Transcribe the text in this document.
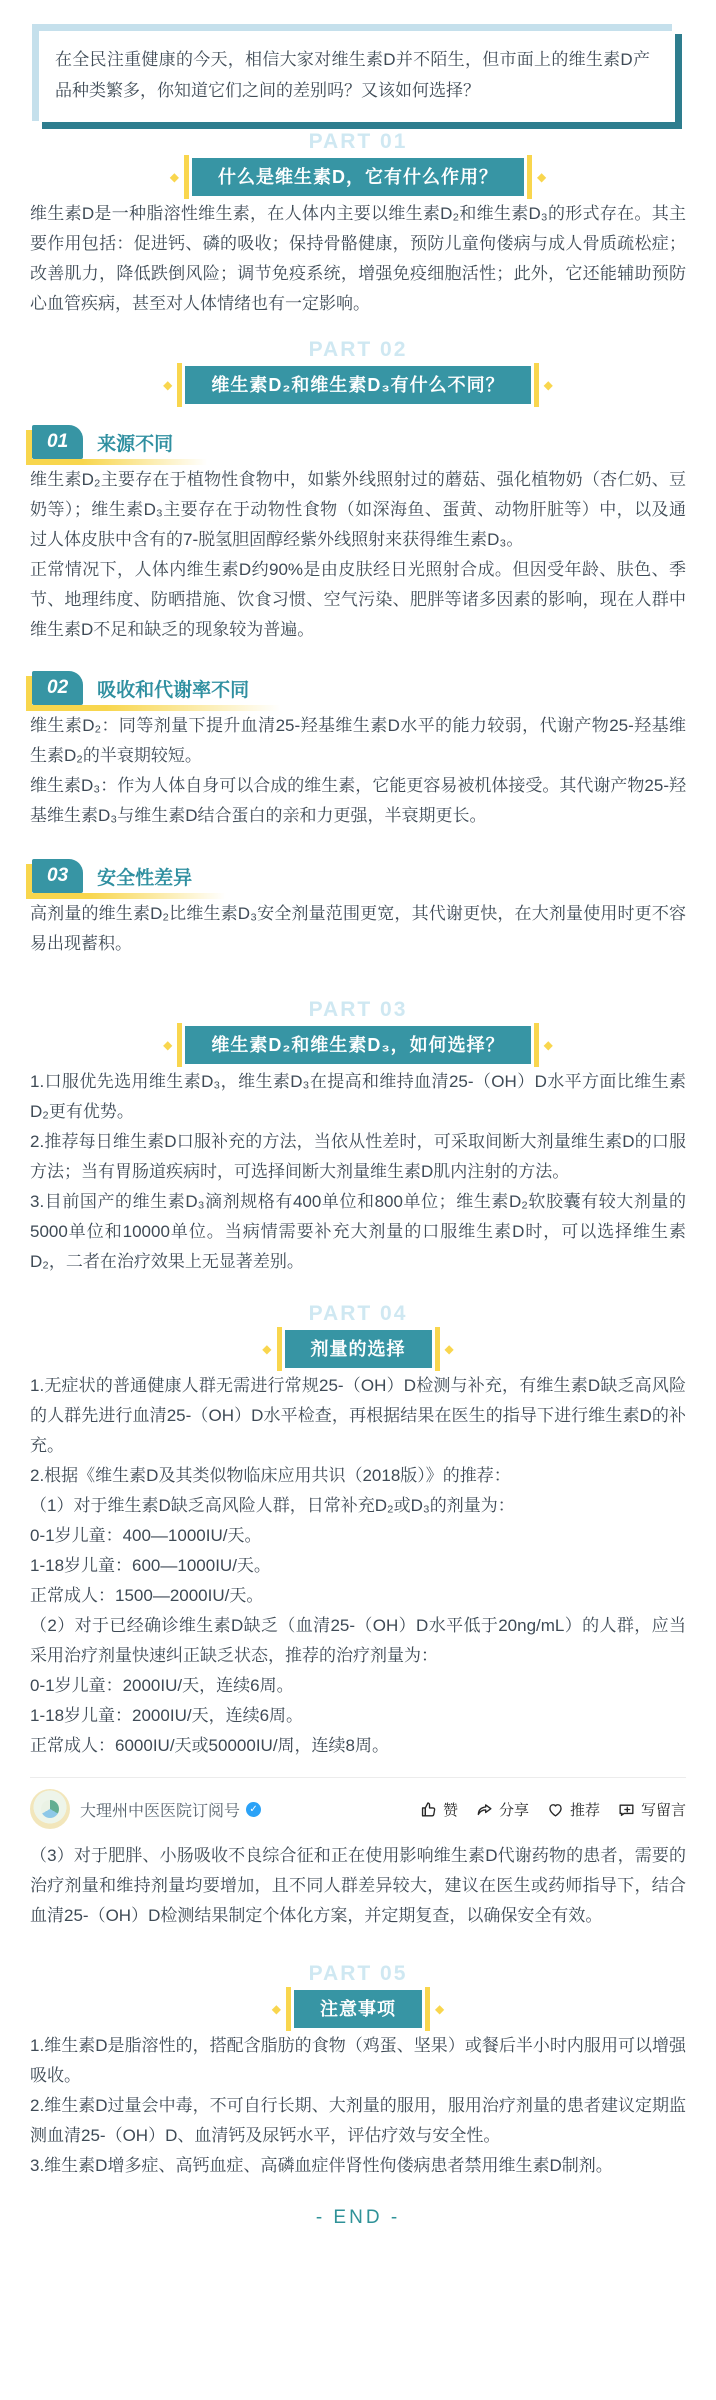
在全民注重健康的今天，相信大家对维生素D并不陌生，但市面上的维生素D产品种类繁多，你知道它们之间的差别吗？又该如何选择？

PART 01
◆	什么是维生素D，它有什么作用？	◆

维生素D是一种脂溶性维生素，在人体内主要以维生素D₂和维生素D₃的形式存在。其主要作用包括：促进钙、磷的吸收；保持骨骼健康，预防儿童佝偻病与成人骨质疏松症；改善肌力，降低跌倒风险；调节免疫系统，增强免疫细胞活性；此外，它还能辅助预防心血管疾病，甚至对人体情绪也有一定影响。

PART 02
◆	维生素D₂和维生素D₃有什么不同？	◆
01	来源不同

维生素D₂主要存在于植物性食物中，如紫外线照射过的蘑菇、强化植物奶（杏仁奶、豆奶等）；维生素D₃主要存在于动物性食物（如深海鱼、蛋黄、动物肝脏等）中，以及通过人体皮肤中含有的7-脱氢胆固醇经紫外线照射来获得维生素D₃。

正常情况下，人体内维生素D约90%是由皮肤经日光照射合成。但因受年龄、肤色、季节、地理纬度、防晒措施、饮食习惯、空气污染、肥胖等诸多因素的影响，现在人群中维生素D不足和缺乏的现象较为普遍。

02	吸收和代谢率不同

维生素D₂：同等剂量下提升血清25-羟基维生素D水平的能力较弱，代谢产物25-羟基维生素D₂的半衰期较短。

维生素D₃：作为人体自身可以合成的维生素，它能更容易被机体接受。其代谢产物25-羟基维生素D₃与维生素D结合蛋白的亲和力更强，半衰期更长。

03	安全性差异

高剂量的维生素D₂比维生素D₃安全剂量范围更宽，其代谢更快，在大剂量使用时更不容易出现蓄积。

PART 03
◆	维生素D₂和维生素D₃，如何选择？	◆

1.口服优先选用维生素D₃，维生素D₃在提高和维持血清25-（OH）D水平方面比维生素D₂更有优势。

2.推荐每日维生素D口服补充的方法，当依从性差时，可采取间断大剂量维生素D的口服方法；当有胃肠道疾病时，可选择间断大剂量维生素D肌内注射的方法。

3.目前国产的维生素D₃滴剂规格有400单位和800单位；维生素D₂软胶囊有较大剂量的5000单位和10000单位。当病情需要补充大剂量的口服维生素D时，可以选择维生素D₂，二者在治疗效果上无显著差别。

PART 04
◆	剂量的选择	◆

1.无症状的普通健康人群无需进行常规25-（OH）D检测与补充，有维生素D缺乏高风险的人群先进行血清25-（OH）D水平检查，再根据结果在医生的指导下进行维生素D的补充。

2.根据《维生素D及其类似物临床应用共识（2018版）》的推荐：

（1）对于维生素D缺乏高风险人群，日常补充D₂或D₃的剂量为：

0-1岁儿童：400—1000IU/天。

1-18岁儿童：600—1000IU/天。

正常成人：1500—2000IU/天。

（2）对于已经确诊维生素D缺乏（血清25-（OH）D水平低于20ng/mL）的人群，应当采用治疗剂量快速纠正缺乏状态，推荐的治疗剂量为：

0-1岁儿童：2000IU/天，连续6周。

1-18岁儿童：2000IU/天，连续6周。

正常成人：6000IU/天或50000IU/周，连续8周。

大理州中医医院订阅号 ✓	赞	分享	推荐	写留言

（3）对于肥胖、小肠吸收不良综合征和正在使用影响维生素D代谢药物的患者，需要的治疗剂量和维持剂量均要增加，且不同人群差异较大，建议在医生或药师指导下，结合血清25-（OH）D检测结果制定个体化方案，并定期复查，以确保安全有效。

PART 05
◆	注意事项	◆

1.维生素D是脂溶性的，搭配含脂肪的食物（鸡蛋、坚果）或餐后半小时内服用可以增强吸收。

2.维生素D过量会中毒，不可自行长期、大剂量的服用，服用治疗剂量的患者建议定期监测血清25-（OH）D、血清钙及尿钙水平，评估疗效与安全性。

3.维生素D增多症、高钙血症、高磷血症伴肾性佝偻病患者禁用维生素D制剂。

- END -
